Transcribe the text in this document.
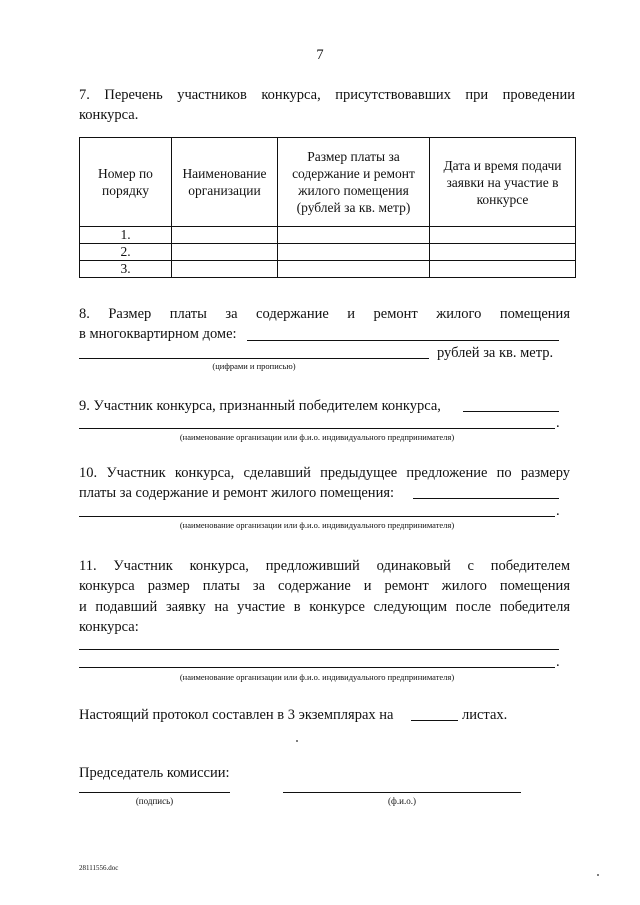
7
7. Перечень участников конкурса, присутствовавших при проведении
конкурса.
Номер по порядку	Наименование организации	Размер платы за содержание и ремонт жилого помещения (рублей за кв. метр)	Дата и время подачи заявки на участие в конкурсе
1.			
2.			
3.			
8. Размер платы за содержание и ремонт жилого помещения
в многоквартирном доме:
рублей за кв. метр.
(цифрами и прописью)
9. Участник конкурса, признанный победителем конкурса,
.
(наименование организации или ф.и.о. индивидуального предпринимателя)
10. Участник конкурса, сделавший предыдущее предложение по размеру
платы за содержание и ремонт жилого помещения:
.
(наименование организации или ф.и.о. индивидуального предпринимателя)
11. Участник конкурса, предложивший одинаковый с победителем
конкурса размер платы за содержание и ремонт жилого помещения
и подавший заявку на участие в конкурсе следующим после победителя
конкурса:
.
(наименование организации или ф.и.о. индивидуального предпринимателя)
Настоящий протокол составлен в 3 экземплярах на	листах.
Председатель комиссии:
(подпись)	(ф.и.о.)
28111556.doc
